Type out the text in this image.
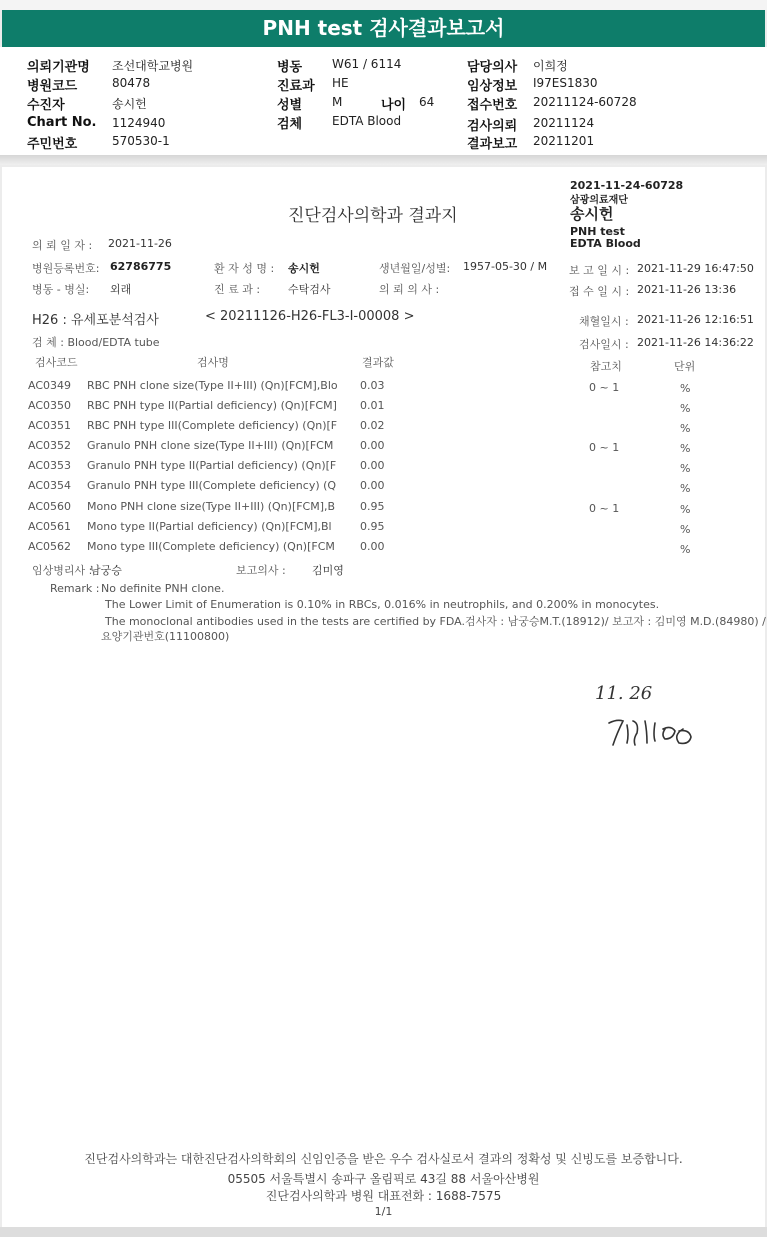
PNH test 검사결과보고서
의뢰기관명 조선대학교병원
병원코드	80478
수진자	송시헌
Chart No. 1124940
주민번호	570530-1
병동 W61 / 6114
진료과 HE
성별 M	나이 64
검체 EDTA Blood
담당의사 이희정
임상정보 I97ES1830
접수번호 20211124-60728
검사의뢰 20211124
결과보고 20211201
2021-11-24-60728
삼광의료재단
송시헌
PNH test
EDTA Blood
진단검사의학과 결과지
의 뢰 일 자 : 2021-11-26
병원등록번호: 62786775	환 자 성 명 : 송시헌	생년월일/성별: 1957-05-30 / M 보 고 일 시 : 2021-11-29 16:47:50
병동 - 병실: 외래	진 료 과 :	수탁검사	의 뢰 의 사 :	접 수 일 시 : 2021-11-26 13:36
H26 : 유세포분석검사	< 20211126-H26-FL3-I-00008 >	채혈일시 : 2021-11-26 12:16:51
검 체 : Blood/EDTA tube	검사일시 : 2021-11-26 14:36:22
검사코드	검사명	결과값	참고치	단위
AC0349 RBC PNH clone size(Type II+III) (Qn)[FCM],Blo 0.03	0 ~ 1	%
AC0350 RBC PNH type II(Partial deficiency) (Qn)[FCM] 0.01	%
AC0351 RBC PNH type III(Complete deficiency) (Qn)[F 0.02	%
AC0352 Granulo PNH clone size(Type II+III) (Qn)[FCM 0.00	0 ~ 1	%
AC0353 Granulo PNH type II(Partial deficiency) (Qn)[F 0.00	%
AC0354 Granulo PNH type III(Complete deficiency) (Q 0.00	%
AC0560 Mono PNH clone size(Type II+III) (Qn)[FCM],B 0.95	0 ~ 1	%
AC0561 Mono type II(Partial deficiency) (Qn)[FCM],Bl	0.95	%
AC0562 Mono type III(Complete deficiency) (Qn)[FCM 0.00	%
임상병리사 :
남궁승	보고의사 : 김미영
Remark : No definite PNH clone.
The Lower Limit of Enumeration is 0.10% in RBCs, 0.016% in neutrophils, and 0.200% in monocytes.
The monoclonal antibodies used in the tests are certified by FDA.검사자 : 남궁승M.T.(18912)/ 보고자 : 김미영 M.D.(84980) /
요양기관번호(11100800)
11. 26
진단검사의학과는 대한진단검사의학회의 신임인증을 받은 우수 검사실로서 결과의 정확성 및 신빙도를 보증합니다.
05505 서울특별시 송파구 올림픽로 43길 88 서울아산병원
진단검사의학과 병원 대표전화 : 1688-7575
1/1
